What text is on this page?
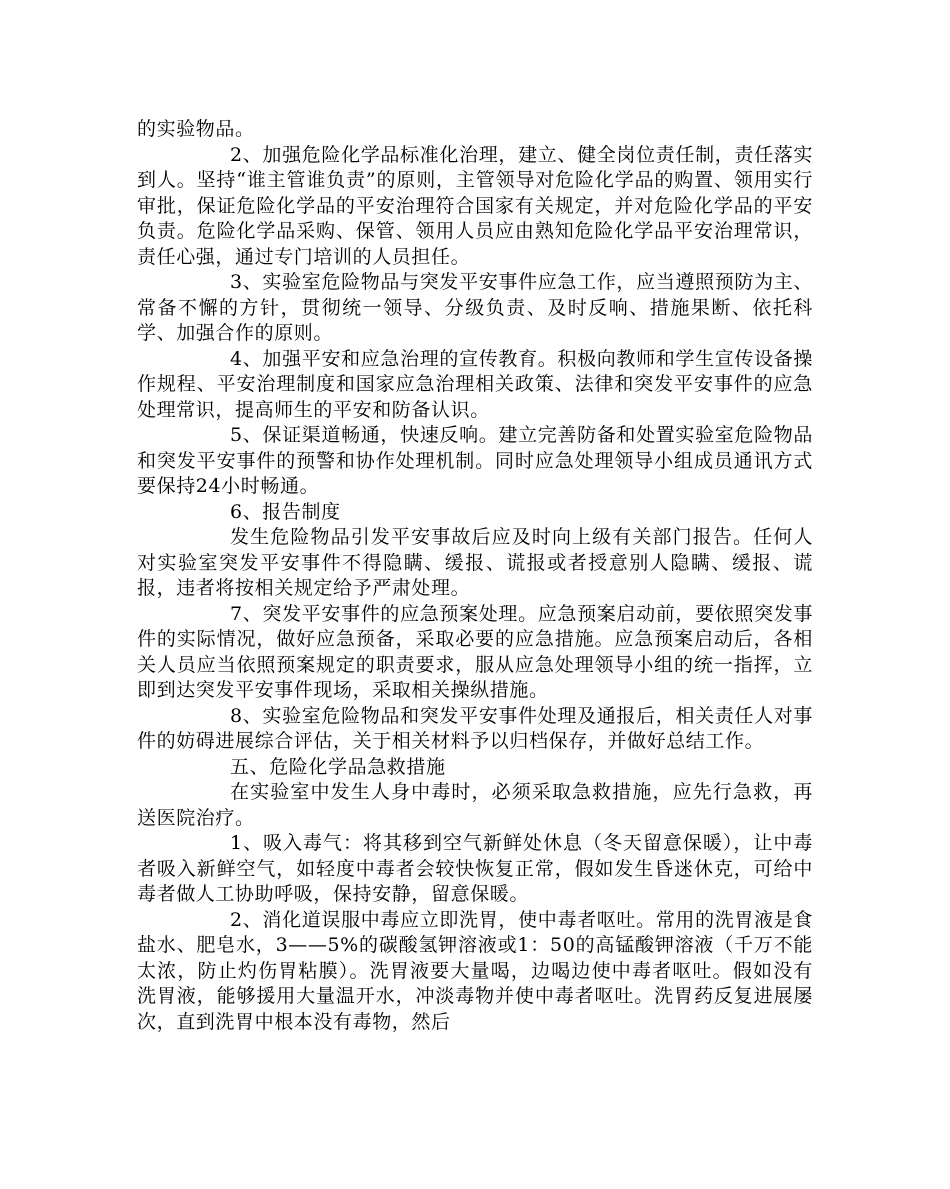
的实验物品。

2、加强危险化学品标准化治理，建立、健全岗位责任制，责任落实到人。坚持“谁主管谁负责”的原则，主管领导对危险化学品的购置、领用实行审批，保证危险化学品的平安治理符合国家有关规定，并对危险化学品的平安负责。危险化学品采购、保管、领用人员应由熟知危险化学品平安治理常识，责任心强，通过专门培训的人员担任。

3、实验室危险物品与突发平安事件应急工作，应当遵照预防为主、常备不懈的方针，贯彻统一领导、分级负责、及时反响、措施果断、依托科学、加强合作的原则。

4、加强平安和应急治理的宣传教育。积极向教师和学生宣传设备操作规程、平安治理制度和国家应急治理相关政策、法律和突发平安事件的应急处理常识，提高师生的平安和防备认识。

5、保证渠道畅通，快速反响。建立完善防备和处置实验室危险物品和突发平安事件的预警和协作处理机制。同时应急处理领导小组成员通讯方式要保持24小时畅通。

6、报告制度

发生危险物品引发平安事故后应及时向上级有关部门报告。任何人对实验室突发平安事件不得隐瞒、缓报、谎报或者授意别人隐瞒、缓报、谎报，违者将按相关规定给予严肃处理。

7、突发平安事件的应急预案处理。应急预案启动前，要依照突发事件的实际情况，做好应急预备，采取必要的应急措施。应急预案启动后，各相关人员应当依照预案规定的职责要求，服从应急处理领导小组的统一指挥，立即到达突发平安事件现场，采取相关操纵措施。

8、实验室危险物品和突发平安事件处理及通报后，相关责任人对事件的妨碍进展综合评估，关于相关材料予以归档保存，并做好总结工作。

五、危险化学品急救措施

在实验室中发生人身中毒时，必须采取急救措施，应先行急救，再送医院治疗。

1、吸入毒气：将其移到空气新鲜处休息（冬天留意保暖），让中毒者吸入新鲜空气，如轻度中毒者会较快恢复正常，假如发生昏迷休克，可给中毒者做人工协助呼吸，保持安静，留意保暖。

2、消化道误服中毒应立即洗胃，使中毒者呕吐。常用的洗胃液是食盐水、肥皂水，3——5%的碳酸氢钾溶液或1：50的高锰酸钾溶液（千万不能太浓，防止灼伤胃粘膜）。洗胃液要大量喝，边喝边使中毒者呕吐。假如没有洗胃液，能够援用大量温开水，冲淡毒物并使中毒者呕吐。洗胃药反复进展屡次，直到洗胃中根本没有毒物，然后
